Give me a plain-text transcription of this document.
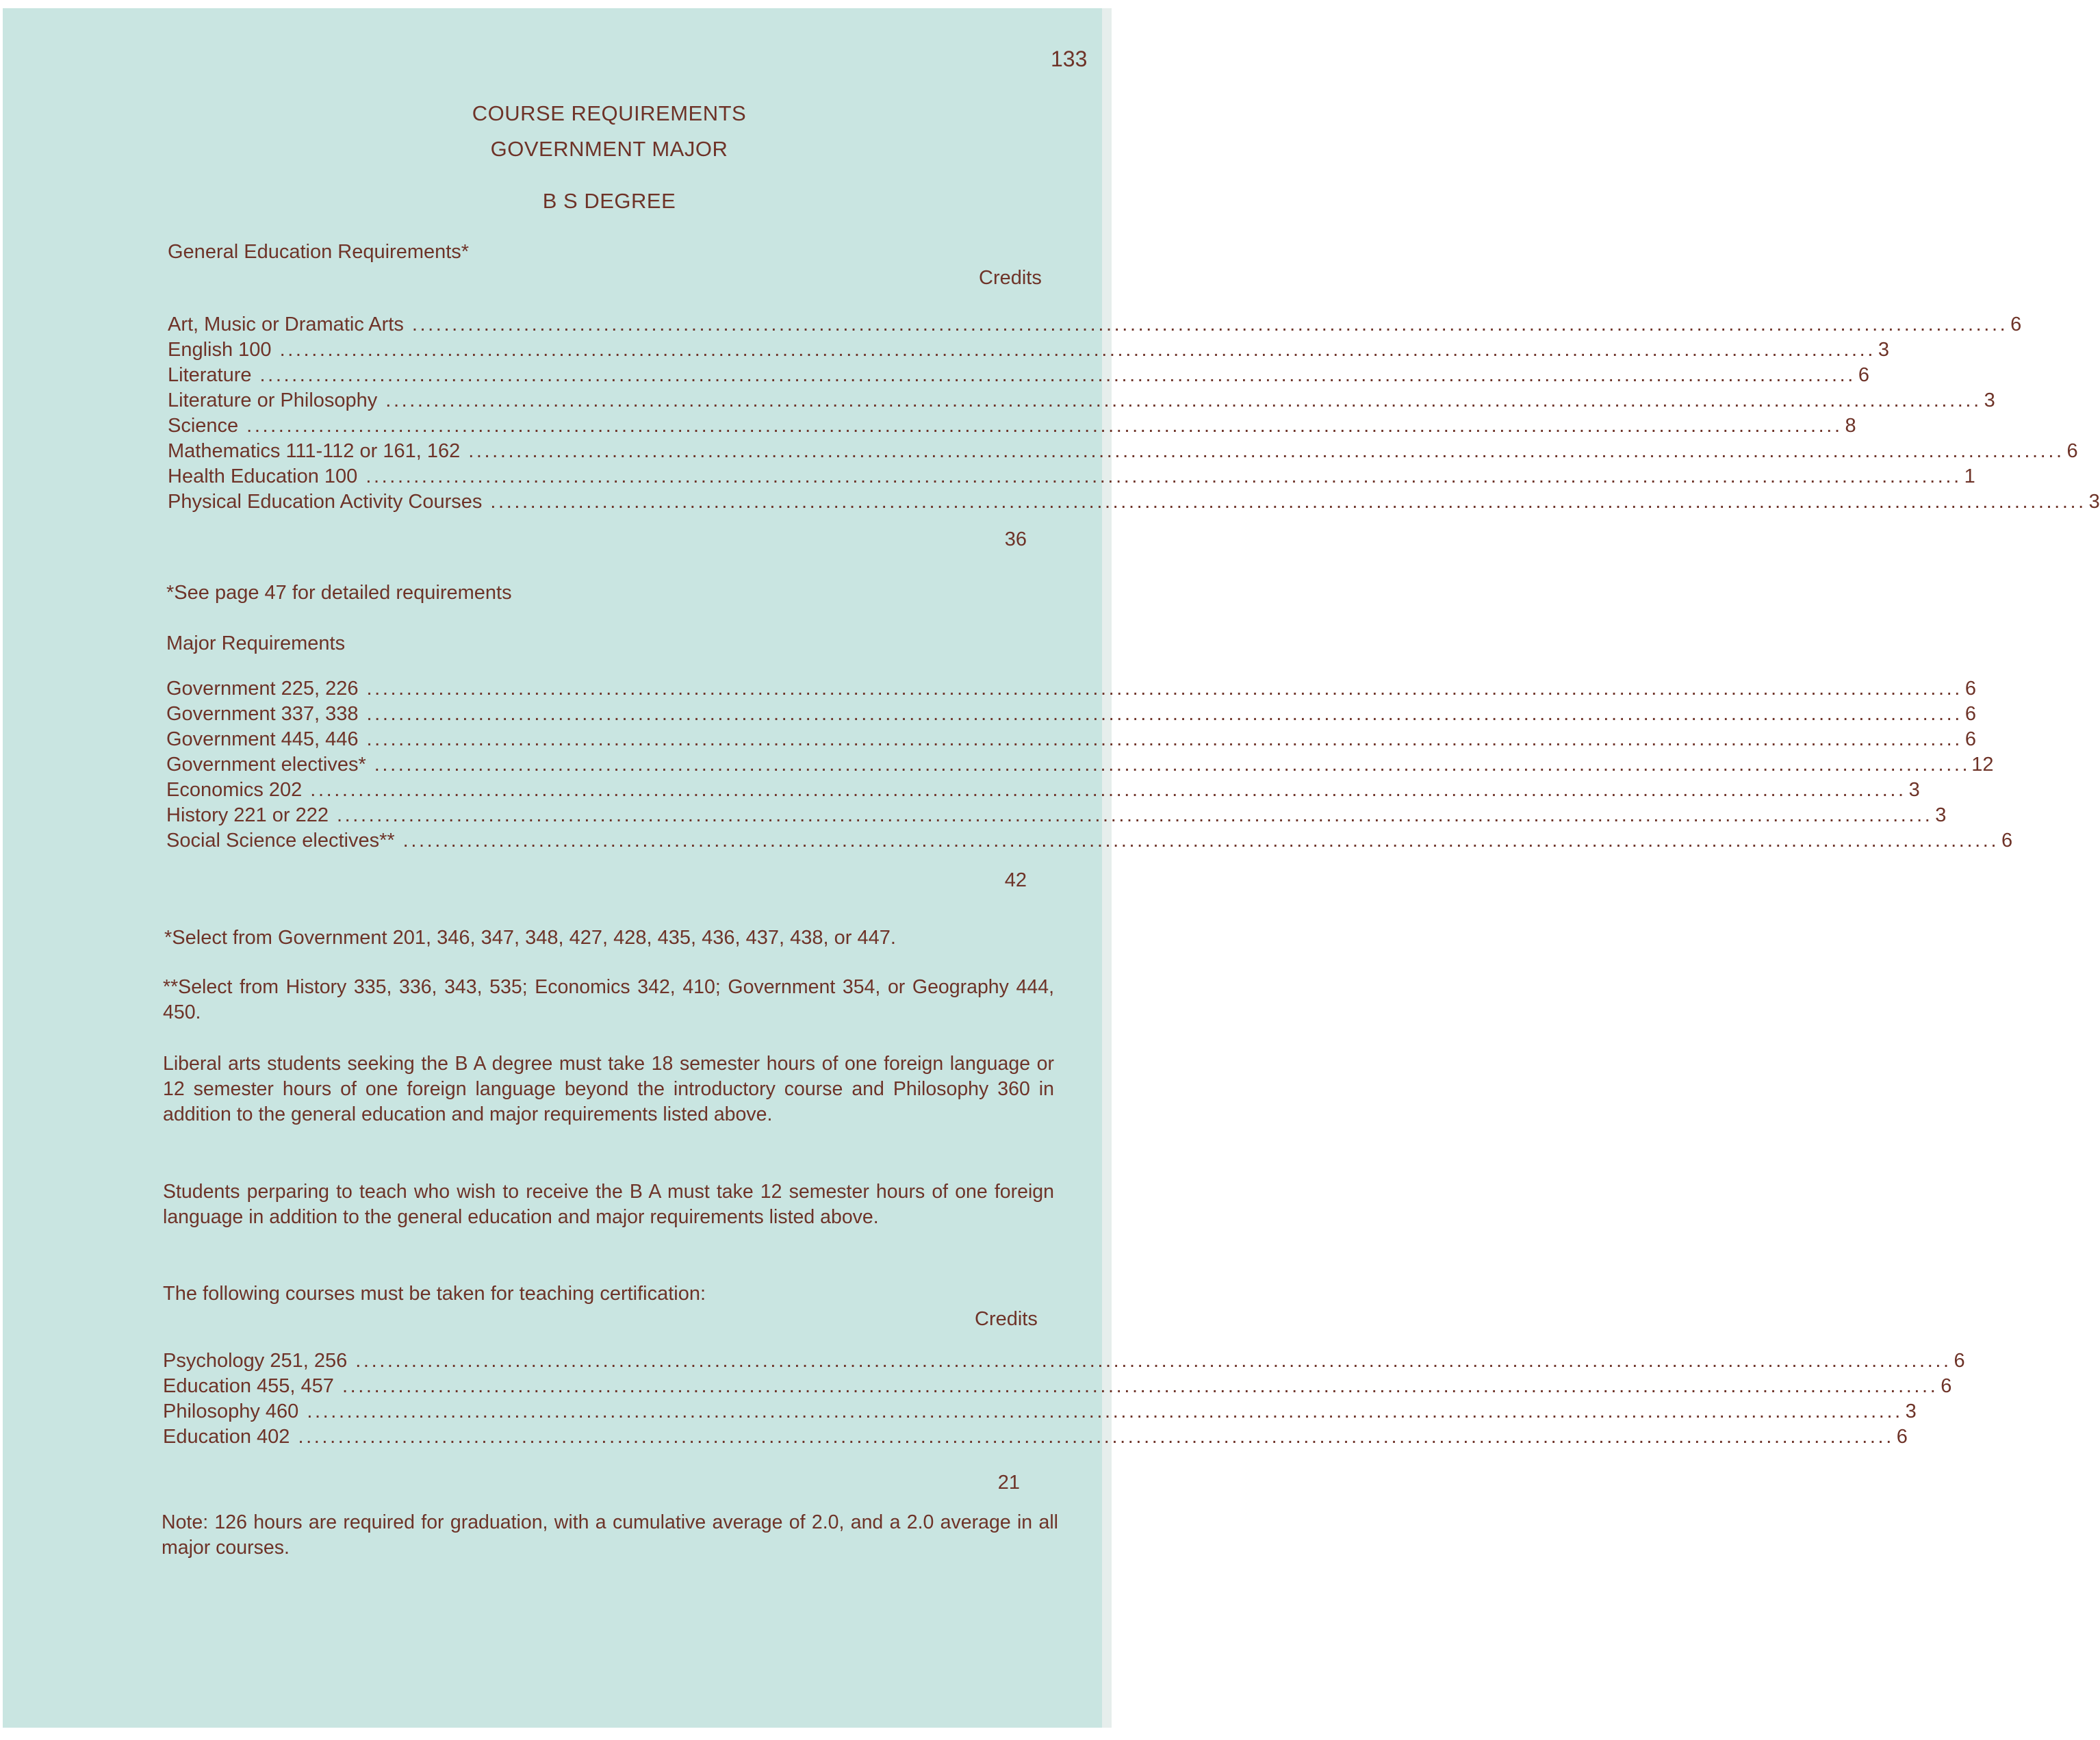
133
COURSE REQUIREMENTS
GOVERNMENT MAJOR
B S DEGREE
General Education Requirements*
Credits
Art, Music or Dramatic Arts ........................................................................................................................................................................................................ 6
English 100 ........................................................................................................................................................................................................ 3
Literature ........................................................................................................................................................................................................ 6
Literature or Philosophy ........................................................................................................................................................................................................ 3
Science ........................................................................................................................................................................................................ 8
Mathematics 111-112 or 161, 162 ........................................................................................................................................................................................................ 6
Health Education 100 ........................................................................................................................................................................................................ 1
Physical Education Activity Courses ........................................................................................................................................................................................................ 3
36
*See page 47 for detailed requirements
Major Requirements
Government 225, 226 ........................................................................................................................................................................................................ 6
Government 337, 338 ........................................................................................................................................................................................................ 6
Government 445, 446 ........................................................................................................................................................................................................ 6
Government electives* ........................................................................................................................................................................................................ 12
Economics 202 ........................................................................................................................................................................................................ 3
History 221 or 222 ........................................................................................................................................................................................................ 3
Social Science electives** ........................................................................................................................................................................................................ 6
42
*Select from Government 201, 346, 347, 348, 427, 428, 435, 436, 437, 438, or 447.
**Select from History 335, 336, 343, 535; Economics 342, 410; Government 354, or Geography 444, 450.
Liberal arts students seeking the B A degree must take 18 semester hours of one foreign language or 12 semester hours of one foreign language beyond the introductory course and Philosophy 360 in addition to the general education and major requirements listed above.
Students perparing to teach who wish to receive the B A must take 12 semester hours of one foreign language in addition to the general education and major requirements listed above.
The following courses must be taken for teaching certification:
Credits
Psychology 251, 256 ........................................................................................................................................................................................................ 6
Education 455, 457 ........................................................................................................................................................................................................ 6
Philosophy 460 ........................................................................................................................................................................................................ 3
Education 402 ........................................................................................................................................................................................................ 6
21
Note: 126 hours are required for graduation, with a cumulative average of 2.0, and a 2.0 average in all major courses.
